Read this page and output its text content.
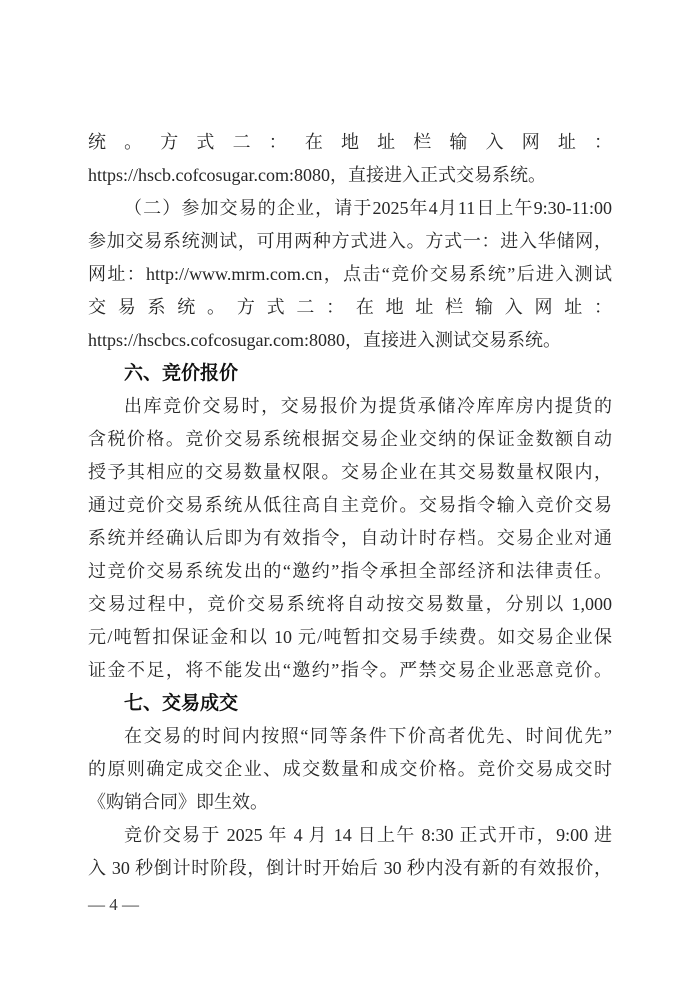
统。方式二：在地址栏输入网址：
https://hscb.cofcosugar.com:8080，直接进入正式交易系统。
（二）参加交易的企业，请于2025年4月11日上午9:30-11:00
参加交易系统测试，可用两种方式进入。方式一：进入华储网，
网址：http://www.mrm.com.cn，点击“竞价交易系统”后进入测试
交易系统。方式二：在地址栏输入网址：
https://hscbcs.cofcosugar.com:8080，直接进入测试交易系统。
六、竞价报价
出库竞价交易时，交易报价为提货承储冷库库房内提货的
含税价格。竞价交易系统根据交易企业交纳的保证金数额自动
授予其相应的交易数量权限。交易企业在其交易数量权限内，
通过竞价交易系统从低往高自主竞价。交易指令输入竞价交易
系统并经确认后即为有效指令，自动计时存档。交易企业对通
过竞价交易系统发出的“邀约”指令承担全部经济和法律责任。
交易过程中，竞价交易系统将自动按交易数量，分别以 1,000
元/吨暂扣保证金和以 10 元/吨暂扣交易手续费。如交易企业保
证金不足，将不能发出“邀约”指令。严禁交易企业恶意竞价。
七、交易成交
在交易的时间内按照“同等条件下价高者优先、时间优先”
的原则确定成交企业、成交数量和成交价格。竞价交易成交时
《购销合同》即生效。
竞价交易于 2025 年 4 月 14 日上午 8:30 正式开市，9:00 进
入 30 秒倒计时阶段，倒计时开始后 30 秒内没有新的有效报价，
— 4 —
